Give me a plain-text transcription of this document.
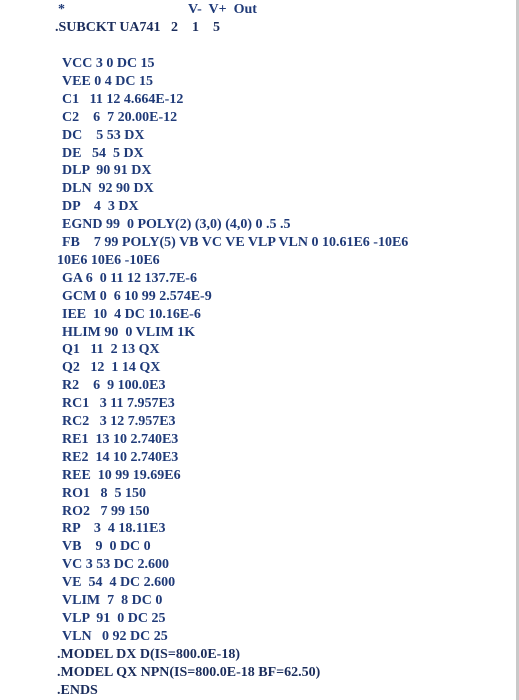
*	V-  V+  Out
.SUBCKT UA741   2    1    5
VCC 3 0 DC 15
VEE 0 4 DC 15
C1   11 12 4.664E-12
C2    6  7 20.00E-12
DC    5 53 DX
DE   54  5 DX
DLP  90 91 DX
DLN  92 90 DX
DP    4  3 DX
EGND 99  0 POLY(2) (3,0) (4,0) 0 .5 .5
FB    7 99 POLY(5) VB VC VE VLP VLN 0 10.61E6 -10E6
10E6 10E6 -10E6
GA 6  0 11 12 137.7E-6
GCM 0  6 10 99 2.574E-9
IEE  10  4 DC 10.16E-6
HLIM 90  0 VLIM 1K
Q1   11  2 13 QX
Q2   12  1 14 QX
R2    6  9 100.0E3
RC1   3 11 7.957E3
RC2   3 12 7.957E3
RE1  13 10 2.740E3
RE2  14 10 2.740E3
REE  10 99 19.69E6
RO1   8  5 150
RO2   7 99 150
RP    3  4 18.11E3
VB    9  0 DC 0
VC 3 53 DC 2.600
VE  54  4 DC 2.600
VLIM  7  8 DC 0
VLP  91  0 DC 25
VLN   0 92 DC 25
.MODEL DX D(IS=800.0E-18)
.MODEL QX NPN(IS=800.0E-18 BF=62.50)
.ENDS
